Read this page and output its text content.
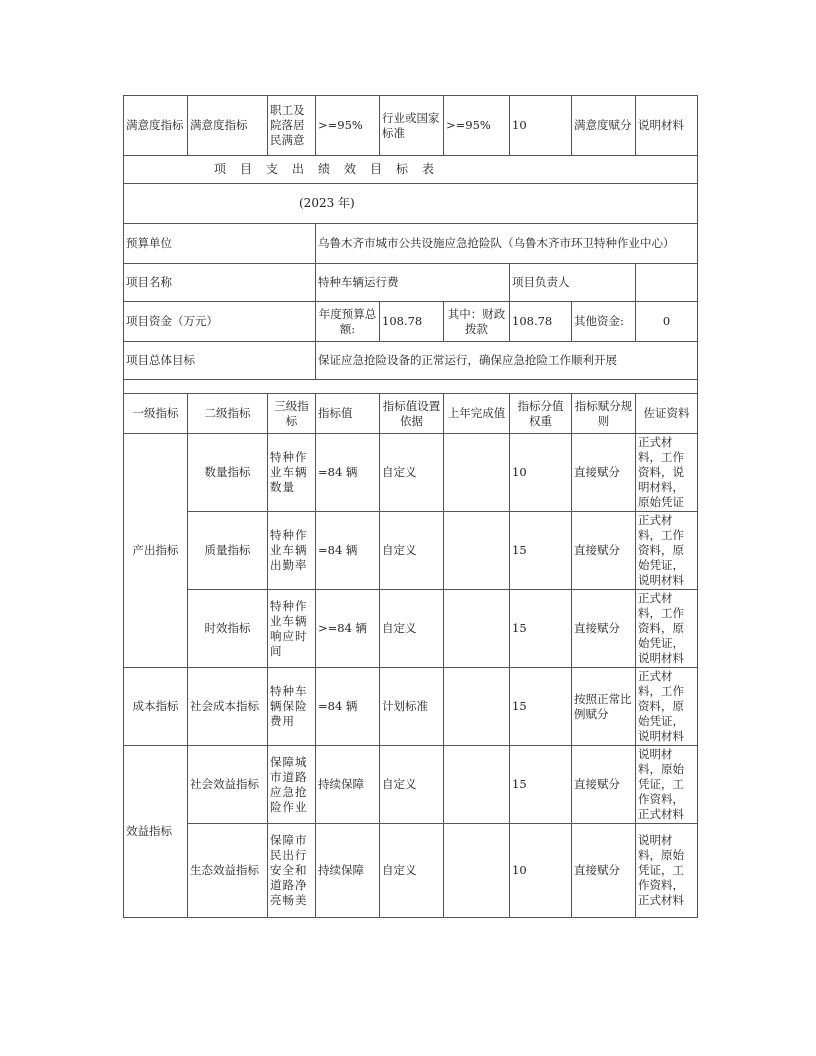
满意度指标	满意度指标	职工及院落居民满意	>=95%	行业或国家标准	>=95%	10	满意度赋分	说明材料
项目支出绩效目标表								
(2023 年)								
预算单位			乌鲁木齐市城市公共设施应急抢险队（乌鲁木齐市环卫特种作业中心）					
项目名称			特种车辆运行费			项目负责人		
项目资金（万元）			年度预算总额:	108.78	其中：财政拨款	108.78	其他资金:	0
项目总体目标			保证应急抢险设备的正常运行，确保应急抢险工作顺利开展					

一级指标	二级指标	三级指标	指标值	指标值设置依据	上年完成值	指标分值权重	指标赋分规则	佐证资料
产出指标	数量指标	特种作业车辆数量	=84 辆	自定义		10	直接赋分	正式材料，工作资料，说明材料，原始凭证
	质量指标	特种作业车辆出勤率	=84 辆	自定义		15	直接赋分	正式材料，工作资料，原始凭证，说明材料
	时效指标	特种作业车辆响应时间	>=84 辆	自定义		15	直接赋分	正式材料，工作资料，原始凭证，说明材料
成本指标	社会成本指标	特种车辆保险费用	=84 辆	计划标准		15	按照正常比例赋分	正式材料，工作资料，原始凭证，说明材料
效益指标	社会效益指标	保障城市道路应急抢险作业	持续保障	自定义		15	直接赋分	说明材料，原始凭证，工作资料，正式材料
	生态效益指标	保障市民出行安全和道路净亮畅美	持续保障	自定义		10	直接赋分	说明材料，原始凭证，工作资料，正式材料
